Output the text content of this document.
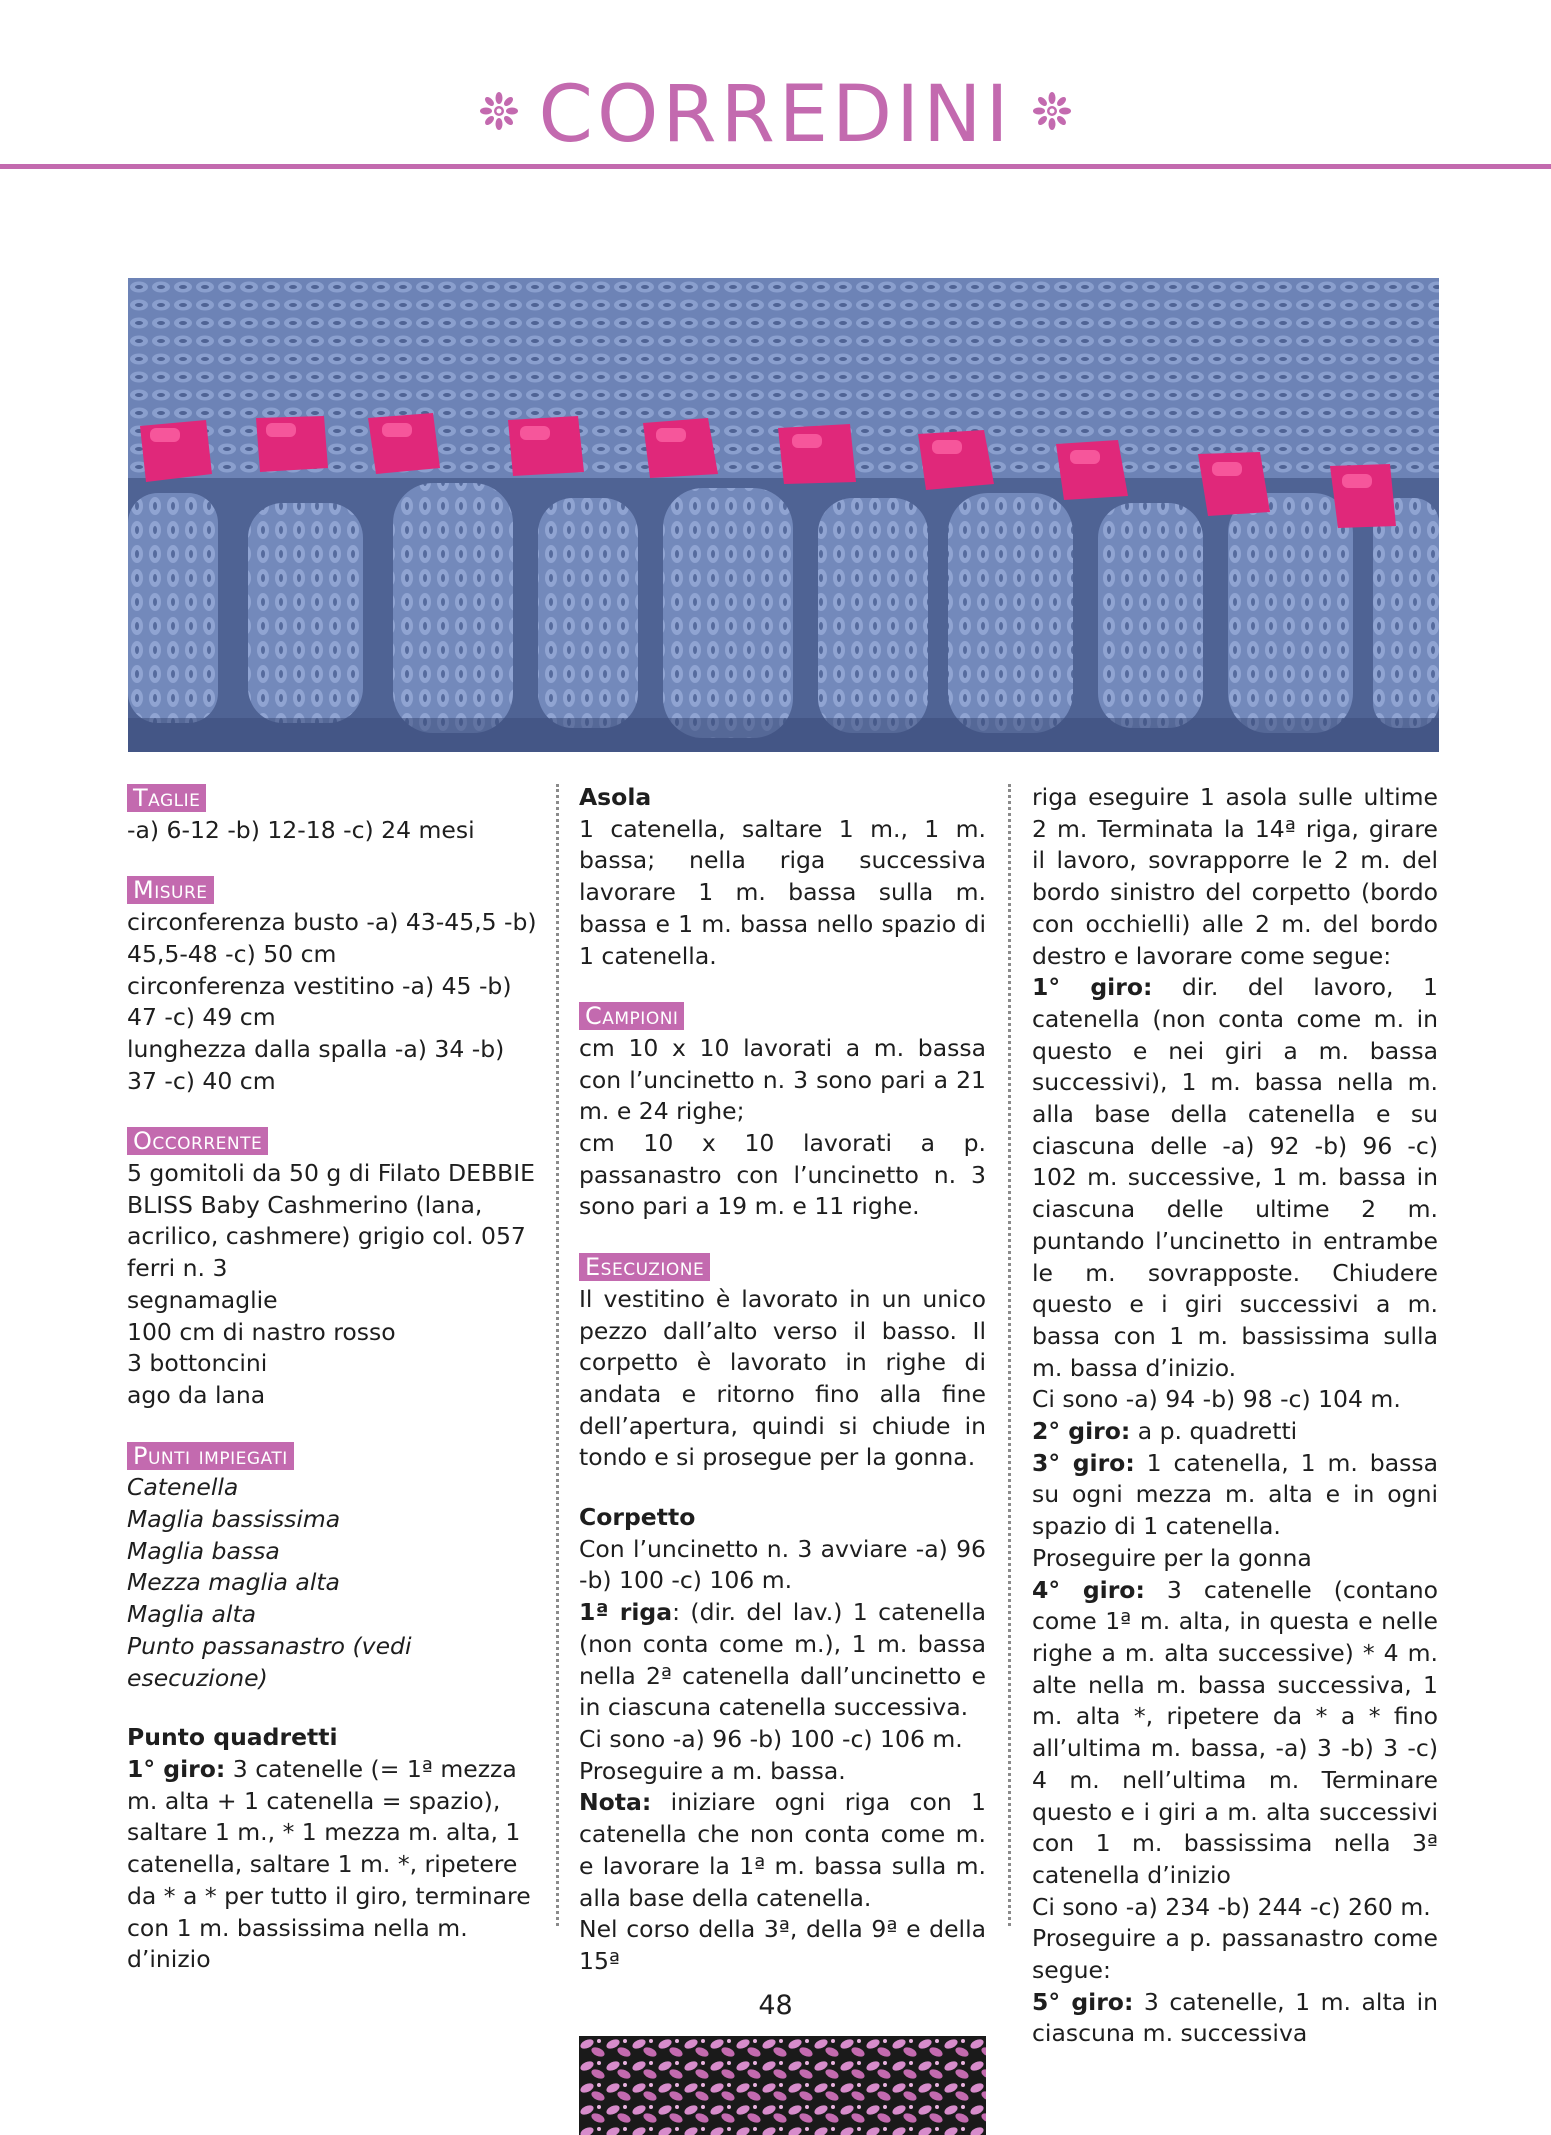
CORREDINI
Taglie

-a) 6-12 -b) 12-18 -c) 24 mesi

Misure

circonferenza busto -a) 43-45,5 -b) 45,5-48 -c) 50 cm

circonferenza vestitino -a) 45 -b) 47 -c) 49 cm

lunghezza dalla spalla -a) 34 -b) 37 -c) 40 cm

Occorrente

5 gomitoli da 50 g di Filato DEBBIE BLISS Baby Cashmerino (lana, acrilico, cashmere) grigio col. 057

ferri n. 3

segnamaglie

100 cm di nastro rosso

3 bottoncini

ago da lana

Punti impiegati

Catenella

Maglia bassissima

Maglia bassa

Mezza maglia alta

Maglia alta

Punto passanastro (vedi esecuzione)

Punto quadretti

1° giro: 3 catenelle (= 1ª mezza m. alta + 1 catenella = spazio), saltare 1 m., * 1 mezza m. alta, 1 catenella, saltare 1 m. *, ripetere da * a * per tutto il giro, terminare con 1 m. bassissima nella m. d’inizio

Asola

1 catenella, saltare 1 m., 1 m. bassa; nella riga successiva lavorare 1 m. bassa sulla m. bassa e 1 m. bassa nello spazio di 1 catenella.

Campioni

cm 10 x 10 lavorati a m. bassa con l’uncinetto n. 3 sono pari a 21 m. e 24 righe;

cm 10 x 10 lavorati a p. passanastro con l’uncinetto n. 3 sono pari a 19 m. e 11 righe.

Esecuzione

Il vestitino è lavorato in un unico pezzo dall’alto verso il basso. Il corpetto è lavorato in righe di andata e ritorno fino alla fine dell’apertura, quindi si chiude in tondo e si prosegue per la gonna.

Corpetto

Con l’uncinetto n. 3 avviare -a) 96 -b) 100 -c) 106 m.

1ª riga: (dir. del lav.) 1 catenella (non conta come m.), 1 m. bassa nella 2ª catenella dall’uncinetto e in ciascuna catenella successiva.

Ci sono -a) 96 -b) 100 -c) 106 m.

Proseguire a m. bassa.

Nota: iniziare ogni riga con 1 catenella che non conta come m. e lavorare la 1ª m. bassa sulla m. alla base della catenella.

Nel corso della 3ª, della 9ª e della 15ª

riga eseguire 1 asola sulle ultime 2 m. Terminata la 14ª riga, girare il lavoro, sovrapporre le 2 m. del bordo sinistro del corpetto (bordo con occhielli) alle 2 m. del bordo destro e lavorare come segue:

1° giro: dir. del lavoro, 1 catenella (non conta come m. in questo e nei giri a m. bassa successivi), 1 m. bassa nella m. alla base della catenella e su ciascuna delle -a) 92 -b) 96 -c) 102 m. successive, 1 m. bassa in ciascuna delle ultime 2 m. puntando l’uncinetto in entrambe le m. sovrapposte. Chiudere questo e i giri successivi a m. bassa con 1 m. bassissima sulla m. bassa d’inizio.

Ci sono -a) 94 -b) 98 -c) 104 m.

2° giro: a p. quadretti

3° giro: 1 catenella, 1 m. bassa su ogni mezza m. alta e in ogni spazio di 1 catenella.

Proseguire per la gonna

4° giro: 3 catenelle (contano come 1ª m. alta, in questa e nelle righe a m. alta successive) * 4 m. alte nella m. bassa successiva, 1 m. alta *, ripetere da * a * fino all’ultima m. bassa, -a) 3 -b) 3 -c) 4 m. nell’ultima m. Terminare questo e i giri a m. alta successivi con 1 m. bassissima nella 3ª catenella d’inizio

Ci sono -a) 234 -b) 244 -c) 260 m.

Proseguire a p. passanastro come segue:

5° giro: 3 catenelle, 1 m. alta in ciascuna m. successiva

48
